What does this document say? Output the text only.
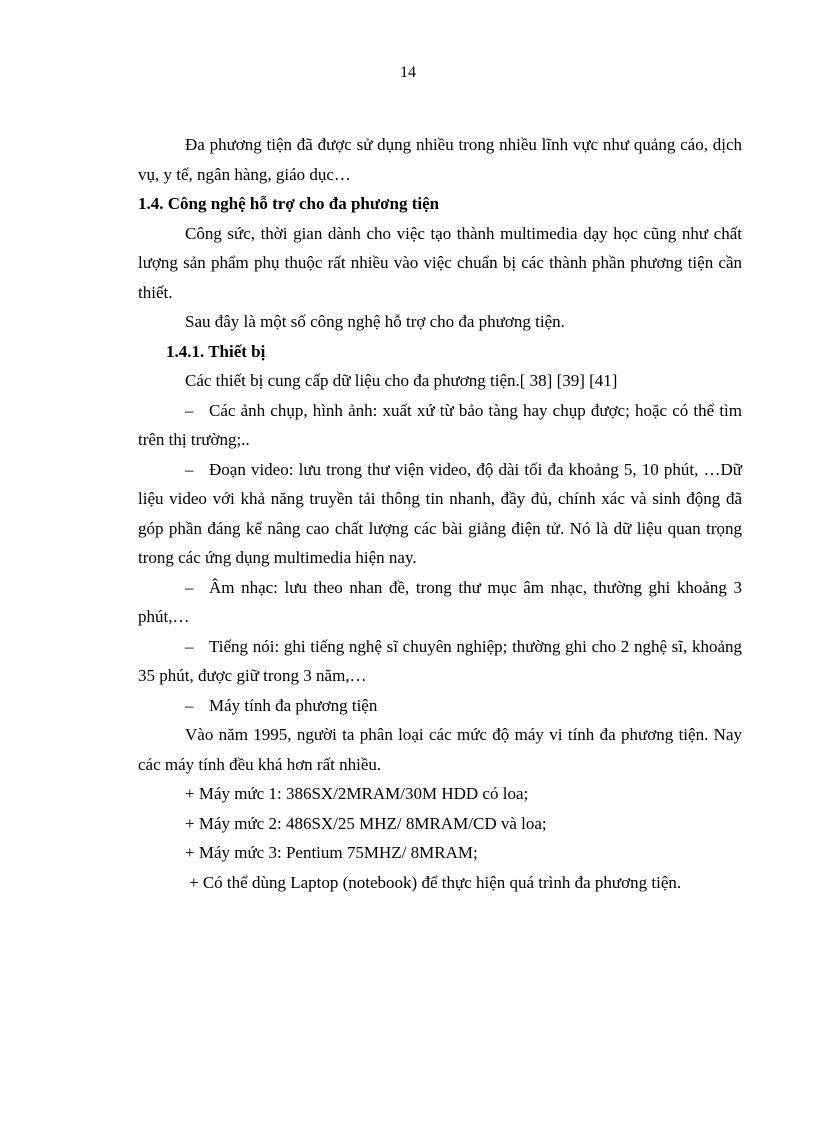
14

Đa phương tiện đã được sử dụng nhiều trong nhiều lĩnh vực như quảng cáo, dịch vụ, y tế, ngân hàng, giáo dục…

1.4. Công nghệ hỗ trợ cho đa phương tiện

Công sức, thời gian dành cho việc tạo thành multimedia dạy học cũng như chất lượng sản phẩm phụ thuộc rất nhiều vào việc chuẩn bị các thành phần phương tiện cần thiết.

Sau đây là một số công nghệ hỗ trợ cho đa phương tiện.

1.4.1. Thiết bị

Các thiết bị cung cấp dữ liệu cho đa phương tiện.[ 38] [39] [41]

– Các ảnh chụp, hình ảnh: xuất xứ từ bảo tàng hay chụp được; hoặc có thể tìm trên thị trường;..

– Đoạn video: lưu trong thư viện video, độ dài tối đa khoảng 5, 10 phút, …Dữ liệu video với khả năng truyền tải thông tin nhanh, đầy đủ, chính xác và sinh động đã góp phần đáng kể nâng cao chất lượng các bài giảng điện tử. Nó là dữ liệu quan trọng trong các ứng dụng multimedia hiện nay.

– Âm nhạc: lưu theo nhan đề, trong thư mục âm nhạc, thường ghi khoảng 3 phút,…

– Tiếng nói: ghi tiếng nghệ sĩ chuyên nghiệp; thường ghi cho 2 nghệ sĩ, khoảng 35 phút, được giữ trong 3 năm,…

– Máy tính đa phương tiện

Vào năm 1995, người ta phân loại các mức độ máy vi tính đa phương tiện. Nay các máy tính đều khá hơn rất nhiều.

+ Máy mức 1: 386SX/2MRAM/30M HDD có loa;

+ Máy mức 2: 486SX/25 MHZ/ 8MRAM/CD và loa;

+ Máy mức 3: Pentium 75MHZ/ 8MRAM;

+ Có thể dùng Laptop (notebook) để thực hiện quá trình đa phương tiện.
